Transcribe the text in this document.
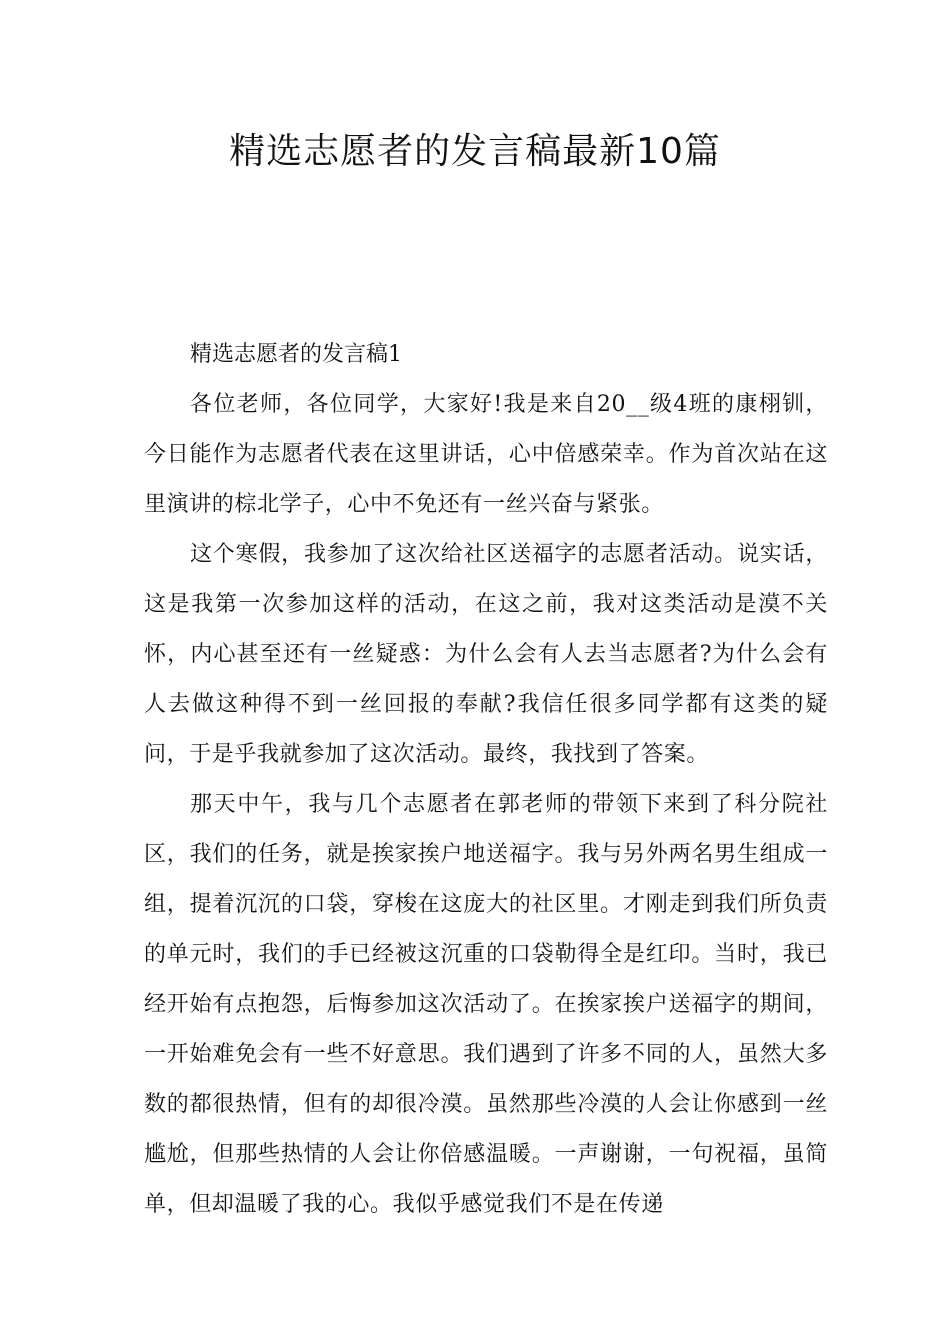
精选志愿者的发言稿最新10篇
精选志愿者的发言稿1

各位老师，各位同学，大家好!我是来自20__级4班的康栩钏，今日能作为志愿者代表在这里讲话，心中倍感荣幸。作为首次站在这里演讲的棕北学子，心中不免还有一丝兴奋与紧张。

这个寒假，我参加了这次给社区送福字的志愿者活动。说实话，这是我第一次参加这样的活动，在这之前，我对这类活动是漠不关怀，内心甚至还有一丝疑惑：为什么会有人去当志愿者?为什么会有人去做这种得不到一丝回报的奉献?我信任很多同学都有这类的疑问，于是乎我就参加了这次活动。最终，我找到了答案。

那天中午，我与几个志愿者在郭老师的带领下来到了科分院社区，我们的任务，就是挨家挨户地送福字。我与另外两名男生组成一组，提着沉沉的口袋，穿梭在这庞大的社区里。才刚走到我们所负责的单元时，我们的手已经被这沉重的口袋勒得全是红印。当时，我已经开始有点抱怨，后悔参加这次活动了。在挨家挨户送福字的期间，一开始难免会有一些不好意思。我们遇到了许多不同的人，虽然大多数的都很热情，但有的却很冷漠。虽然那些冷漠的人会让你感到一丝尴尬，但那些热情的人会让你倍感温暖。一声谢谢，一句祝福，虽简单，但却温暖了我的心。我似乎感觉我们不是在传递
